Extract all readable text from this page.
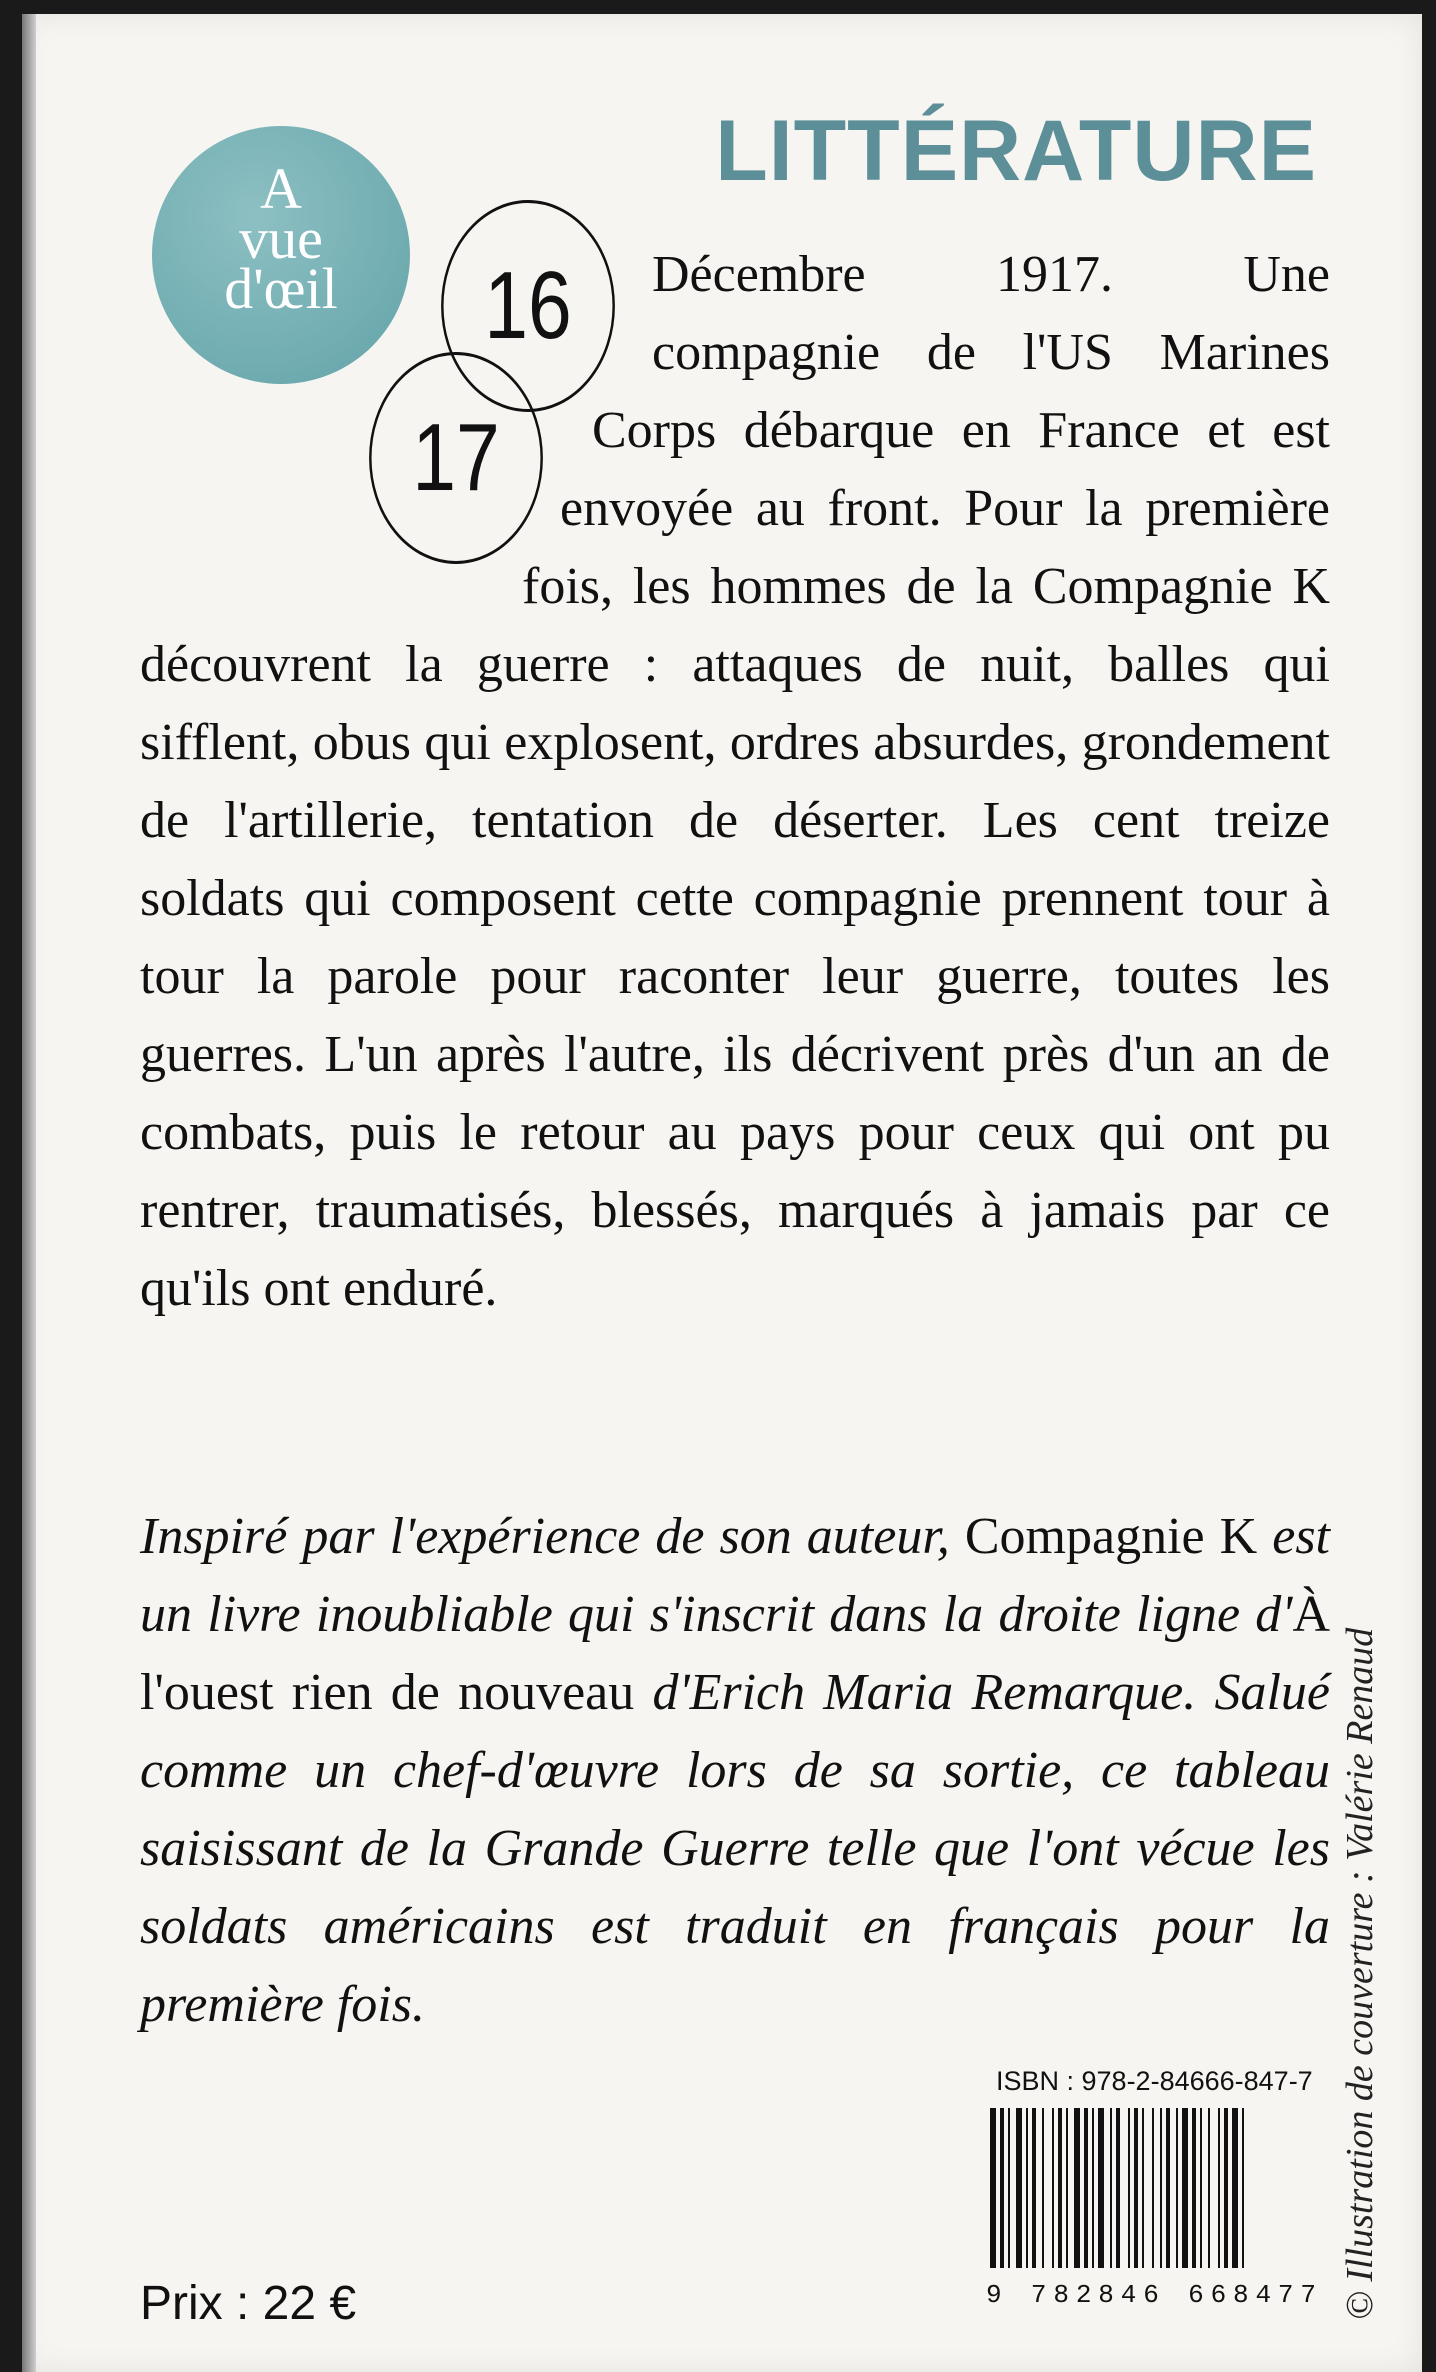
LITTÉRATURE
A
vue
d'œil	16
17

Décembre 1917. Une compagnie de l'US Marines Corps débarque en France et est envoyée au front. Pour la première fois, les hommes de la Compagnie K découvrent la guerre : attaques de nuit, balles qui sifflent, obus qui explosent, ordres absurdes, grondement de l'artillerie, tentation de déserter. Les cent treize soldats qui composent cette compagnie prennent tour à tour la parole pour raconter leur guerre, toutes les guerres. L'un après l'autre, ils décrivent près d'un an de combats, puis le retour au pays pour ceux qui ont pu rentrer, traumatisés, blessés, marqués à jamais par ce qu'ils ont enduré.

Inspiré par l'expérience de son auteur, Compagnie K est un livre inoubliable qui s'inscrit dans la droite ligne d'À l'ouest rien de nouveau d'Erich Maria Remarque. Salué comme un chef-d'œuvre lors de sa sortie, ce tableau saisissant de la Grande Guerre telle que l'ont vécue les soldats américains est traduit en français pour la première fois.

ISBN : 978-2-84666-847-7
9 782846 668477
Prix : 22 €	© Illustration de couverture : Valérie Renaud
